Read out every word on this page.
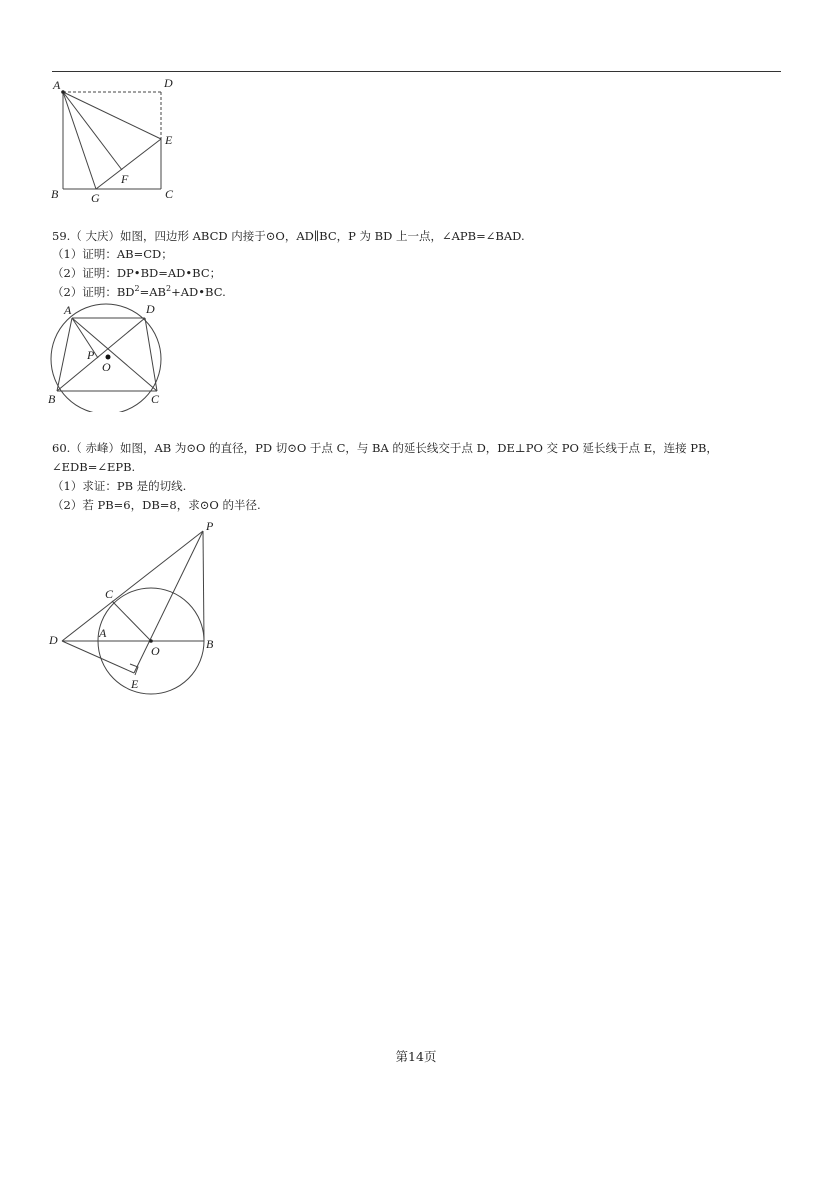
A	D
E
F
B	G	C
59.（ 大庆）如图，四边形 ABCD 内接于⊙O，AD∥BC，P 为 BD 上一点，∠APB=∠BAD.
（1）证明：AB=CD；
（2）证明：DP•BD=AD•BC；
（2）证明：$BD^2=AB^2+AD•BC$.
A	D
P
O
B	C
60.（ 赤峰）如图，AB 为⊙O 的直径，PD 切⊙O 于点 C，与 BA 的延长线交于点 D，DE⊥PO 交 PO 延长线于点 E，连接 PB，
∠EDB=∠EPB.
（1）求证：PB 是的切线.
（2）若 PB=6，DB=8，求⊙O 的半径.
P
C
D	A
O	B
E
第14页
